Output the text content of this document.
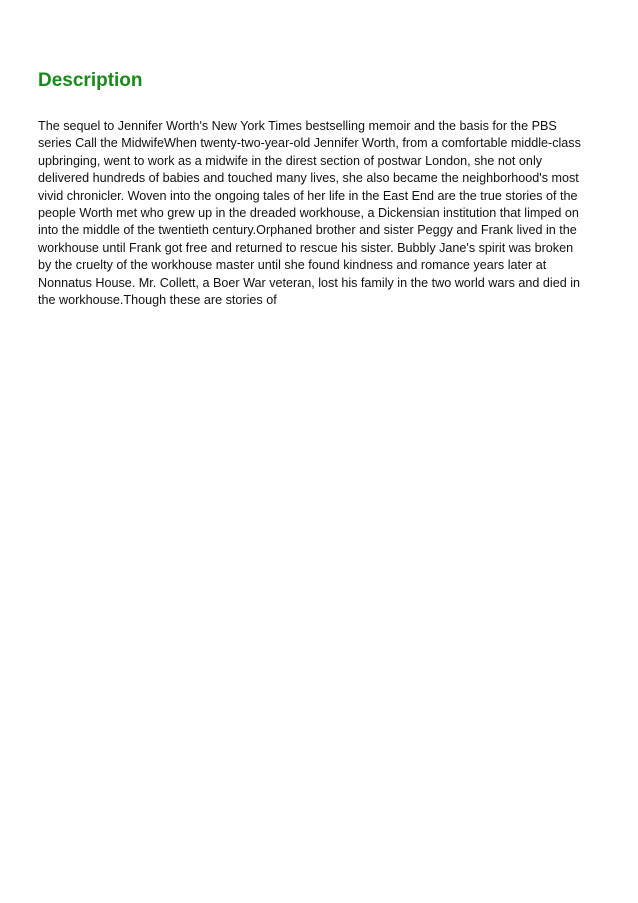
Description

The sequel to Jennifer Worth's New York Times bestselling memoir and the basis for the PBS
series Call the MidwifeWhen twenty-two-year-old Jennifer Worth, from a comfortable middle-class
upbringing, went to work as a midwife in the direst section of postwar London, she not only
delivered hundreds of babies and touched many lives, she also became the neighborhood's most
vivid chronicler. Woven into the ongoing tales of her life in the East End are the true stories of the
people Worth met who grew up in the dreaded workhouse, a Dickensian institution that limped on
into the middle of the twentieth century.Orphaned brother and sister Peggy and Frank lived in the
workhouse until Frank got free and returned to rescue his sister. Bubbly Jane's spirit was broken
by the cruelty of the workhouse master until she found kindness and romance years later at
Nonnatus House. Mr. Collett, a Boer War veteran, lost his family in the two world wars and died in
the workhouse.Though these are stories of
